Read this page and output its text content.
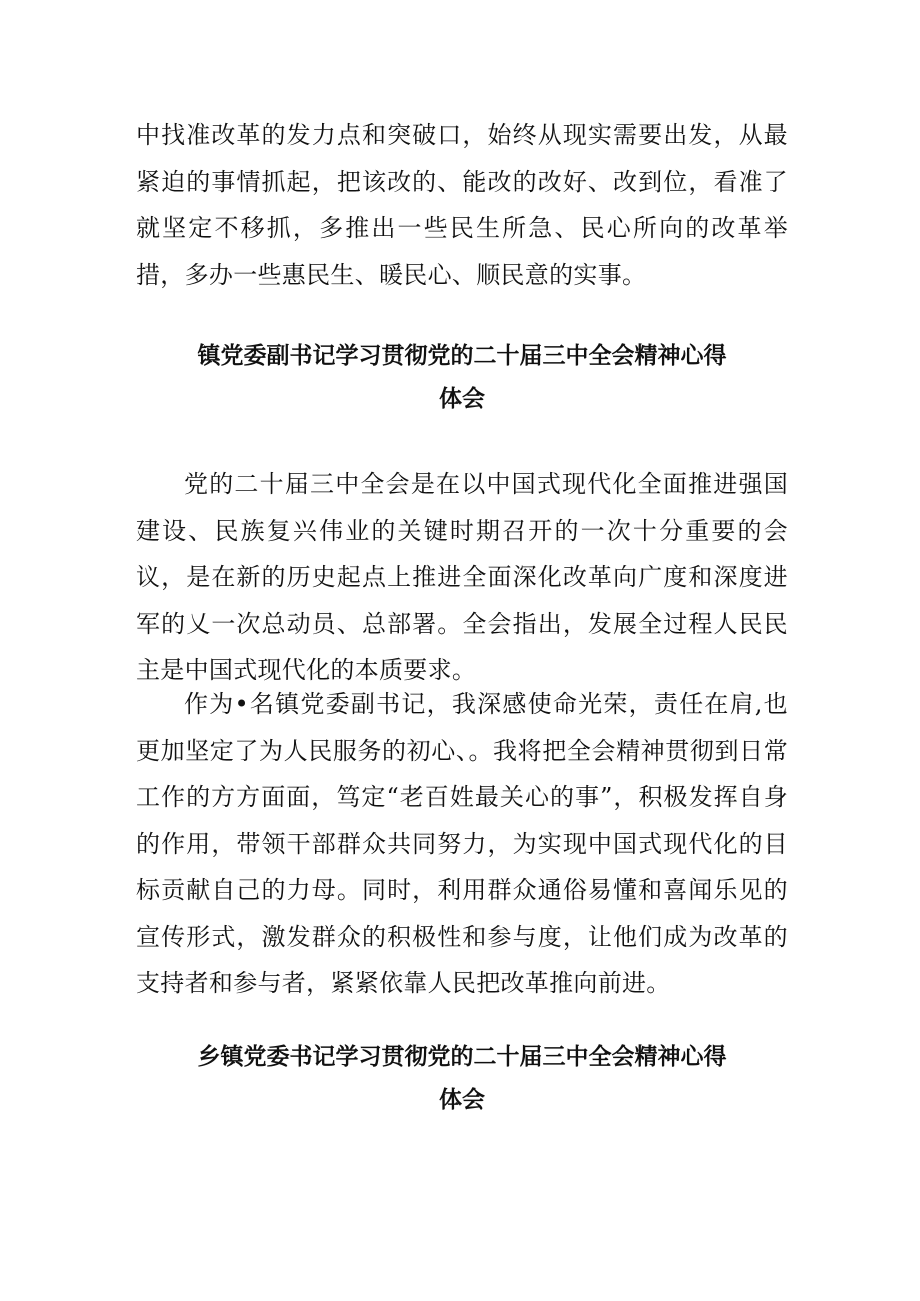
中找准改革的发力点和突破口，始终从现实需要出发，从最紧迫的事情抓起，把该改的、能改的改好、改到位，看准了就坚定不移抓，多推出一些民生所急、民心所向的改革举措，多办一些惠民生、暖民心、顺民意的实事。

镇党委副书记学习贯彻党的二十届三中全会精神心得
体会

党的二十届三中全会是在以中国式现代化全面推进强国建设、民族复兴伟业的关键时期召开的一次十分重要的会议，是在新的历史起点上推进全面深化改革向广度和深度进军的乂一次总动员、总部署。全会指出，发展全过程人民民主是中国式现代化的本质要求。

作为•名镇党委副书记，我深感使命光荣，责任在肩,也更加坚定了为人民服务的初心、。我将把全会精神贯彻到日常工作的方方面面，笃定“老百姓最关心的事”，积极发挥自身的作用，带领干部群众共同努力，为实现中国式现代化的目标贡献自己的力母。同时，利用群众通俗易懂和喜闻乐见的宣传形式，激发群众的积极性和参与度，让他们成为改革的支持者和参与者，紧紧依靠人民把改革推向前进。

乡镇党委书记学习贯彻党的二十届三中全会精神心得
体会
